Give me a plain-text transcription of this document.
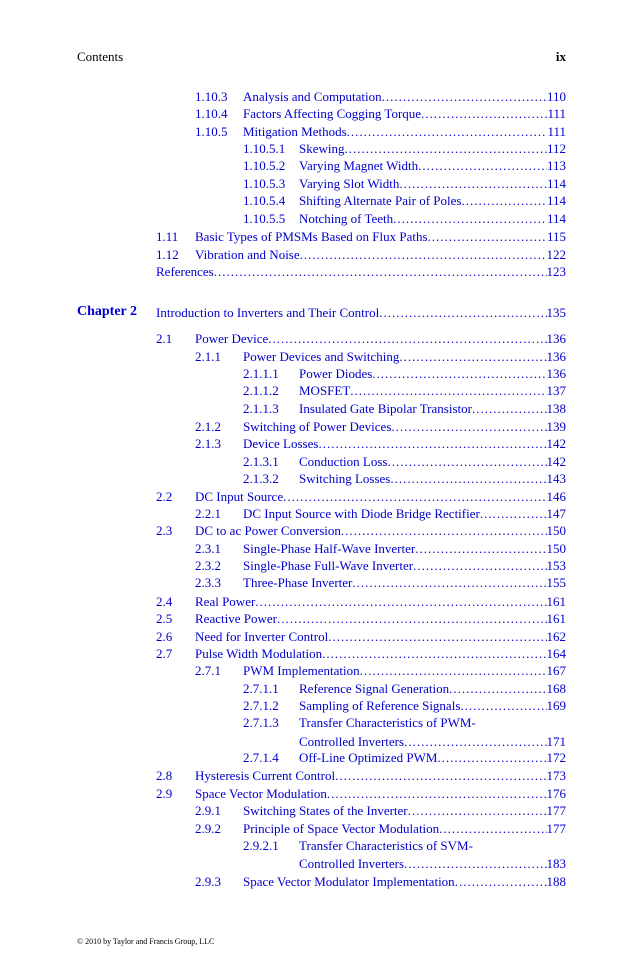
Contents	ix
Chapter 2
1.10.3 Analysis and Computation .....	110
1.10.4 Factors Affecting Cogging Torque .....	111
1.10.5 Mitigation Methods .....	111
1.10.5.1 Skewing .....	112
1.10.5.2 Varying Magnet Width .....	113
1.10.5.3 Varying Slot Width .....	114
1.10.5.4 Shifting Alternate Pair of Poles .....	114
1.10.5.5 Notching of Teeth .....	114
1.11 Basic Types of PMSMs Based on Flux Paths .....	115
1.12 Vibration and Noise .....	122
References .....	123
Introduction to Inverters and Their Control .....	135
2.1 Power Device .....	136
2.1.1 Power Devices and Switching .....	136
2.1.1.1 Power Diodes .....	136
2.1.1.2 MOSFET .....	137
2.1.1.3 Insulated Gate Bipolar Transistor .....	138
2.1.2 Switching of Power Devices .....	139
2.1.3 Device Losses .....	142
2.1.3.1 Conduction Loss .....	142
2.1.3.2 Switching Losses .....	143
2.2 DC Input Source .....	146
2.2.1 DC Input Source with Diode Bridge Rectifier .....	147
2.3 DC to ac Power Conversion .....	150
2.3.1 Single-Phase Half-Wave Inverter .....	150
2.3.2 Single-Phase Full-Wave Inverter .....	153
2.3.3 Three-Phase Inverter .....	155
2.4 Real Power .....	161
2.5 Reactive Power .....	161
2.6 Need for Inverter Control .....	162
2.7 Pulse Width Modulation .....	164
2.7.1 PWM Implementation .....	167
2.7.1.1 Reference Signal Generation .....	168
2.7.1.2 Sampling of Reference Signals .....	169
2.7.1.3 Transfer Characteristics of PWM-
Controlled Inverters .....	171
2.7.1.4 Off-Line Optimized PWM .....	172
2.8 Hysteresis Current Control .....	173
2.9 Space Vector Modulation .....	176
2.9.1 Switching States of the Inverter .....	177
2.9.2 Principle of Space Vector Modulation .....	177
2.9.2.1 Transfer Characteristics of SVM-
Controlled Inverters .....	183
2.9.3 Space Vector Modulator Implementation .....	188
© 2010 by Taylor and Francis Group, LLC
